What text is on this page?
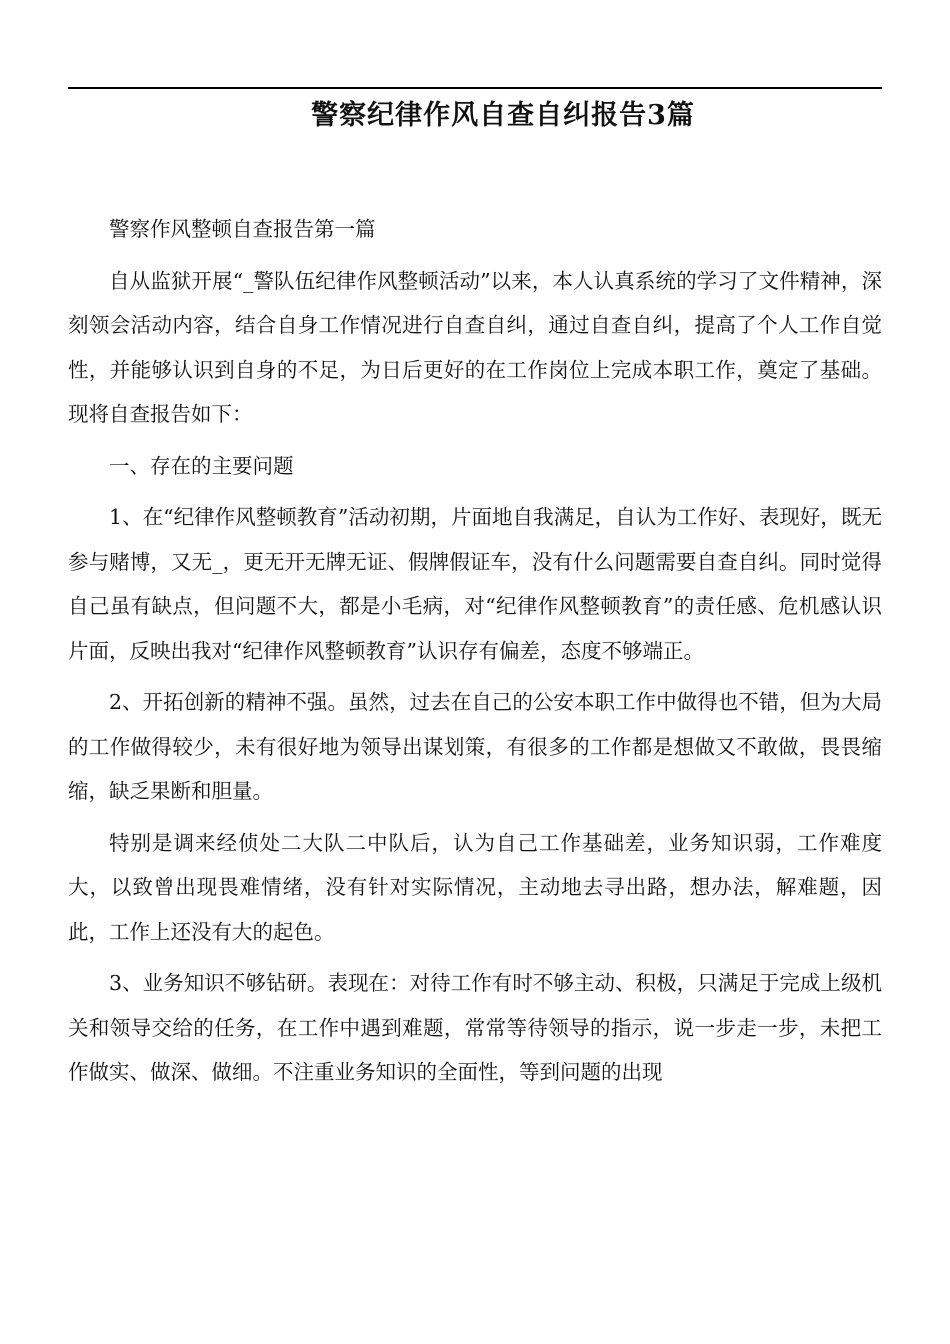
警察纪律作风自查自纠报告3篇

警察作风整顿自查报告第一篇

自从监狱开展“_警队伍纪律作风整顿活动”以来，本人认真系统的学习了文件精神，深刻领会活动内容，结合自身工作情况进行自查自纠，通过自查自纠，提高了个人工作自觉性，并能够认识到自身的不足，为日后更好的在工作岗位上完成本职工作，奠定了基础。现将自查报告如下：

一、存在的主要问题

1、在“纪律作风整顿教育”活动初期，片面地自我满足，自认为工作好、表现好，既无参与赌博，又无_，更无开无牌无证、假牌假证车，没有什么问题需要自查自纠。同时觉得自己虽有缺点，但问题不大，都是小毛病，对“纪律作风整顿教育”的责任感、危机感认识片面，反映出我对“纪律作风整顿教育”认识存有偏差，态度不够端正。

2、开拓创新的精神不强。虽然，过去在自己的公安本职工作中做得也不错，但为大局的工作做得较少，未有很好地为领导出谋划策，有很多的工作都是想做又不敢做，畏畏缩缩，缺乏果断和胆量。

特别是调来经侦处二大队二中队后，认为自己工作基础差，业务知识弱，工作难度大，以致曾出现畏难情绪，没有针对实际情况，主动地去寻出路，想办法，解难题，因此，工作上还没有大的起色。

3、业务知识不够钻研。表现在：对待工作有时不够主动、积极，只满足于完成上级机关和领导交给的任务，在工作中遇到难题，常常等待领导的指示，说一步走一步，未把工作做实、做深、做细。不注重业务知识的全面性，等到问题的出现
